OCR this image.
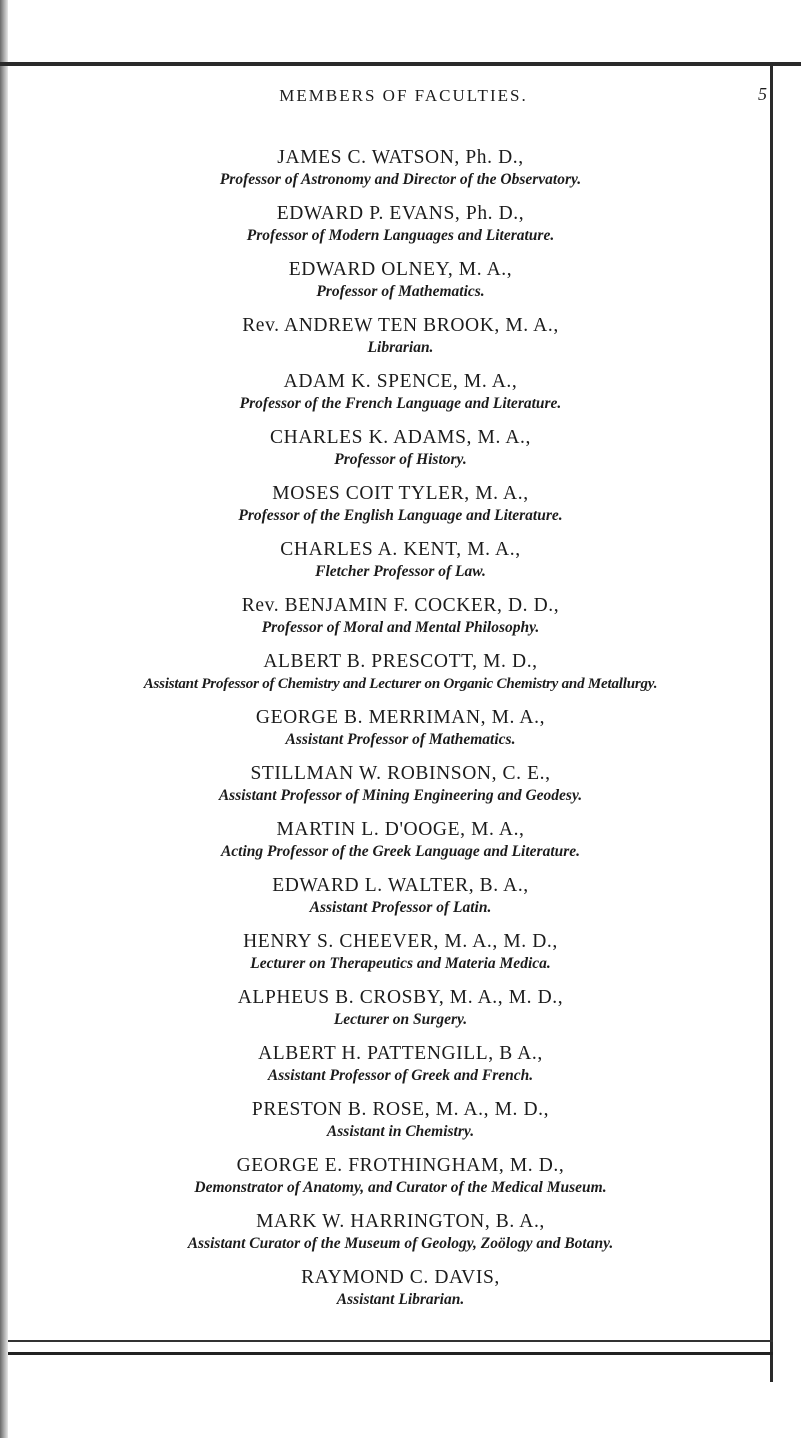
MEMBERS OF FACULTIES.	5
JAMES C. WATSON, Ph. D.,
Professor of Astronomy and Director of the Observatory.
EDWARD P. EVANS, Ph. D.,
Professor of Modern Languages and Literature.
EDWARD OLNEY, M. A.,
Professor of Mathematics.
Rev. ANDREW TEN BROOK, M. A.,
Librarian.
ADAM K. SPENCE, M. A.,
Professor of the French Language and Literature.
CHARLES K. ADAMS, M. A.,
Professor of History.
MOSES COIT TYLER, M. A.,
Professor of the English Language and Literature.
CHARLES A. KENT, M. A.,
Fletcher Professor of Law.
Rev. BENJAMIN F. COCKER, D. D.,
Professor of Moral and Mental Philosophy.
ALBERT B. PRESCOTT, M. D.,
Assistant Professor of Chemistry and Lecturer on Organic Chemistry and Metallurgy.
GEORGE B. MERRIMAN, M. A.,
Assistant Professor of Mathematics.
STILLMAN W. ROBINSON, C. E.,
Assistant Professor of Mining Engineering and Geodesy.
MARTIN L. D'OOGE, M. A.,
Acting Professor of the Greek Language and Literature.
EDWARD L. WALTER, B. A.,
Assistant Professor of Latin.
HENRY S. CHEEVER, M. A., M. D.,
Lecturer on Therapeutics and Materia Medica.
ALPHEUS B. CROSBY, M. A., M. D.,
Lecturer on Surgery.
ALBERT H. PATTENGILL, B A.,
Assistant Professor of Greek and French.
PRESTON B. ROSE, M. A., M. D.,
Assistant in Chemistry.
GEORGE E. FROTHINGHAM, M. D.,
Demonstrator of Anatomy, and Curator of the Medical Museum.
MARK W. HARRINGTON, B. A.,
Assistant Curator of the Museum of Geology, Zoölogy and Botany.
RAYMOND C. DAVIS,
Assistant Librarian.
